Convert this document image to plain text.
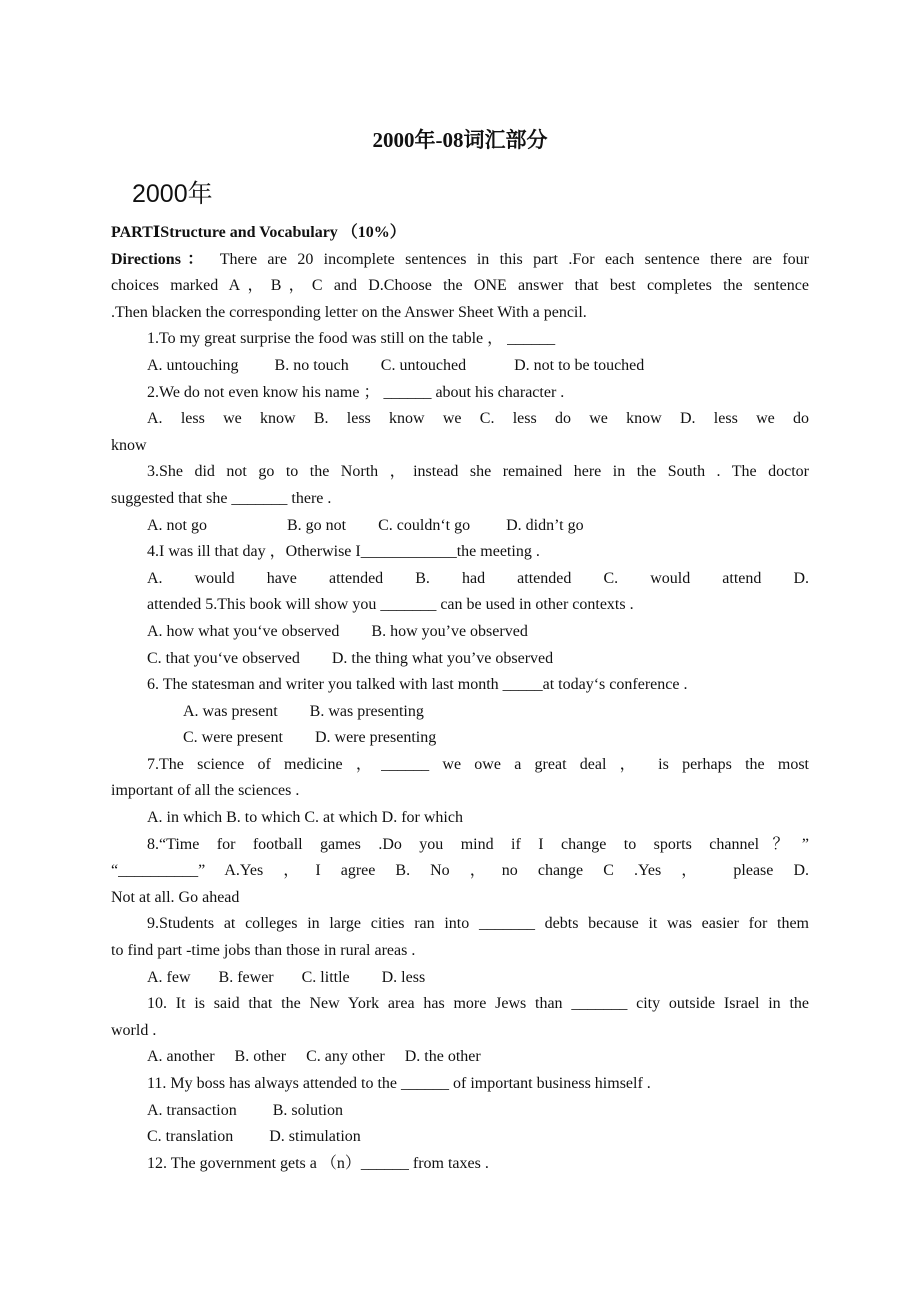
2000年-08词汇部分
2000年

PARTⅠStructure and Vocabulary （10%）

Directions： There are 20 incomplete sentences in this part .For each sentence there are four

choices marked A，B，C and D.Choose the ONE answer that best completes the sentence

.Then blacken the corresponding letter on the Answer Sheet With a pencil.

1.To my great surprise the food was still on the table ， ______

A. untouching         B. no touch        C. untouched            D. not to be touched

2.We do not even know his name ； ______ about his character .

A. less we know B. less know we C. less do we know D. less we do

know

3.She did not go to the North ，instead she remained here in the South . The doctor

suggested that she _______ there .

A. not go                    B. go not        C. couldn‘t go         D. didn’t go

4.I was ill that day ，Otherwise I____________the meeting .

A. would have attended B. had attended C. would attend D.

attended 5.This book will show you _______ can be used in other contexts .

A. how what you‘ve observed        B. how you’ve observed

C. that you‘ve observed        D. the thing what you’ve observed

6. The statesman and writer you talked with last month _____at today‘s conference .

A. was present        B. was presenting

C. were present        D. were presenting

7.The science of medicine ，______ we owe a great deal ， is perhaps the most

important of all the sciences .

A. in which B. to which C. at which D. for which

8.“Time for football games .Do you mind if I change to sports channel？”

“__________” A.Yes ，I agree B. No ，no change C .Yes ， please D.

Not at all. Go ahead

9.Students at colleges in large cities ran into _______ debts because it was easier for them

to find part -time jobs than those in rural areas .

A. few       B. fewer       C. little        D. less

10. It is said that the New York area has more Jews than _______ city outside Israel in the

world .

A. another     B. other     C. any other     D. the other

11. My boss has always attended to the ______ of important business himself .

A. transaction         B. solution

C. translation         D. stimulation

12. The government gets a （n）______ from taxes .
